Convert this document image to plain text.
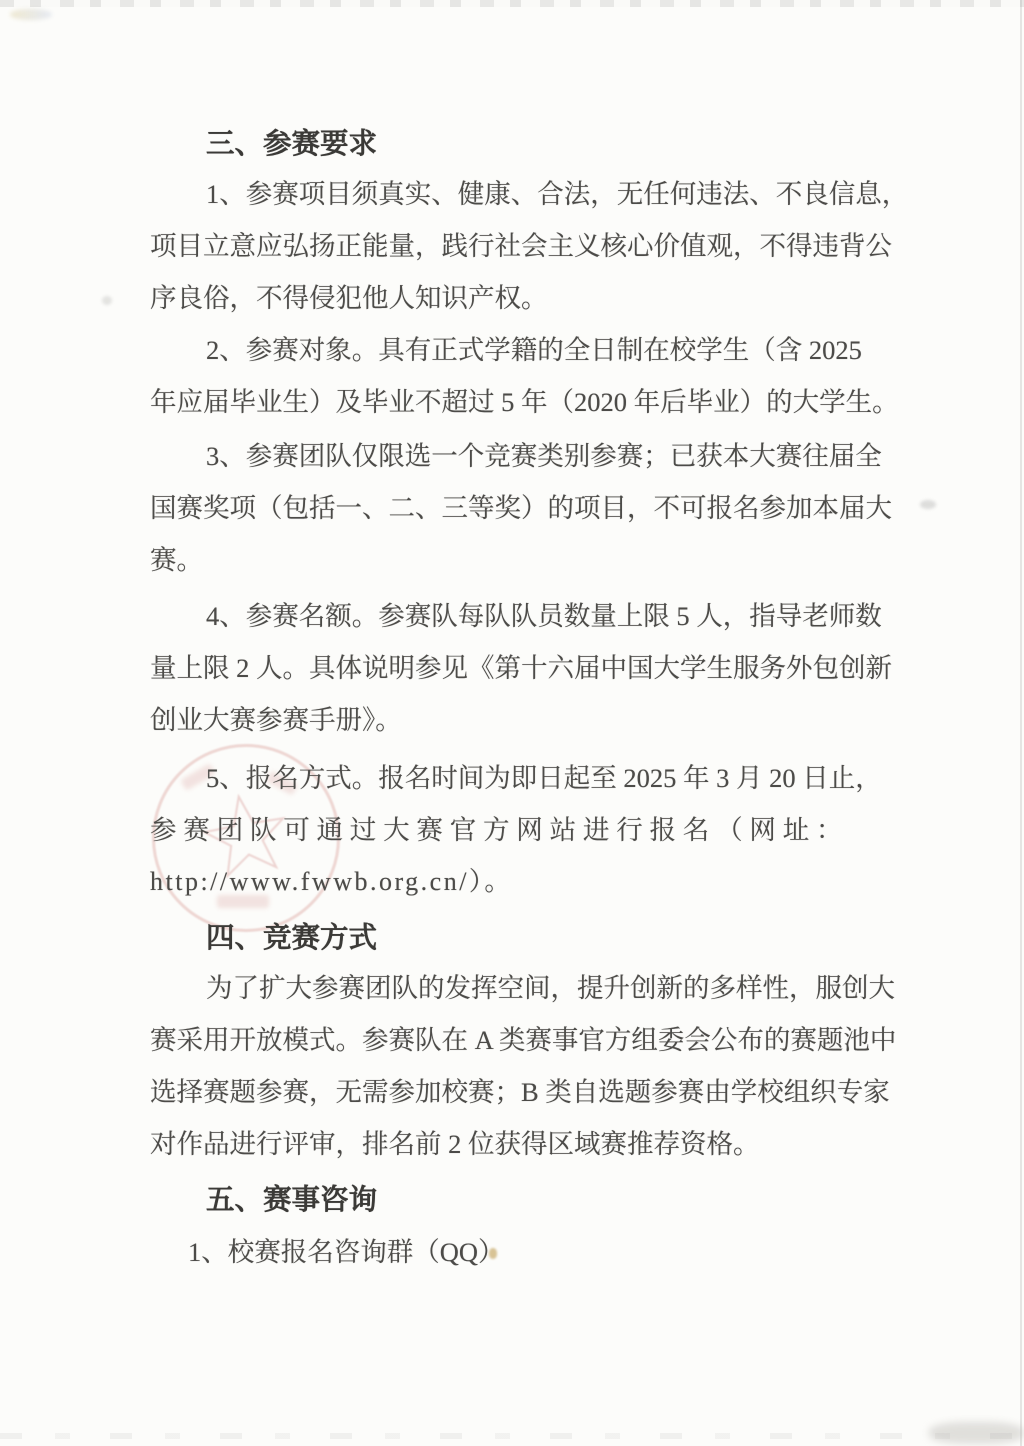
三、参赛要求
1、参赛项目须真实、健康、合法，无任何违法、不良信息，
项目立意应弘扬正能量，践行社会主义核心价值观，不得违背公
序良俗，不得侵犯他人知识产权。
2、参赛对象。具有正式学籍的全日制在校学生（含 2025
年应届毕业生）及毕业不超过 5 年（2020 年后毕业）的大学生。
3、参赛团队仅限选一个竞赛类别参赛；已获本大赛往届全
国赛奖项（包括一、二、三等奖）的项目，不可报名参加本届大
赛。
4、参赛名额。参赛队每队队员数量上限 5 人，指导老师数
量上限 2 人。具体说明参见《第十六届中国大学生服务外包创新
创业大赛参赛手册》。
5、报名方式。报名时间为即日起至 2025 年 3 月 20 日止，
参赛团队可通过大赛官方网站进行报名（网址：
http://www.fwwb.org.cn/）。
四、竞赛方式
为了扩大参赛团队的发挥空间，提升创新的多样性，服创大
赛采用开放模式。参赛队在 A 类赛事官方组委会公布的赛题池中
选择赛题参赛，无需参加校赛；B 类自选题参赛由学校组织专家
对作品进行评审，排名前 2 位获得区域赛推荐资格。
五、赛事咨询
1、校赛报名咨询群（QQ）
